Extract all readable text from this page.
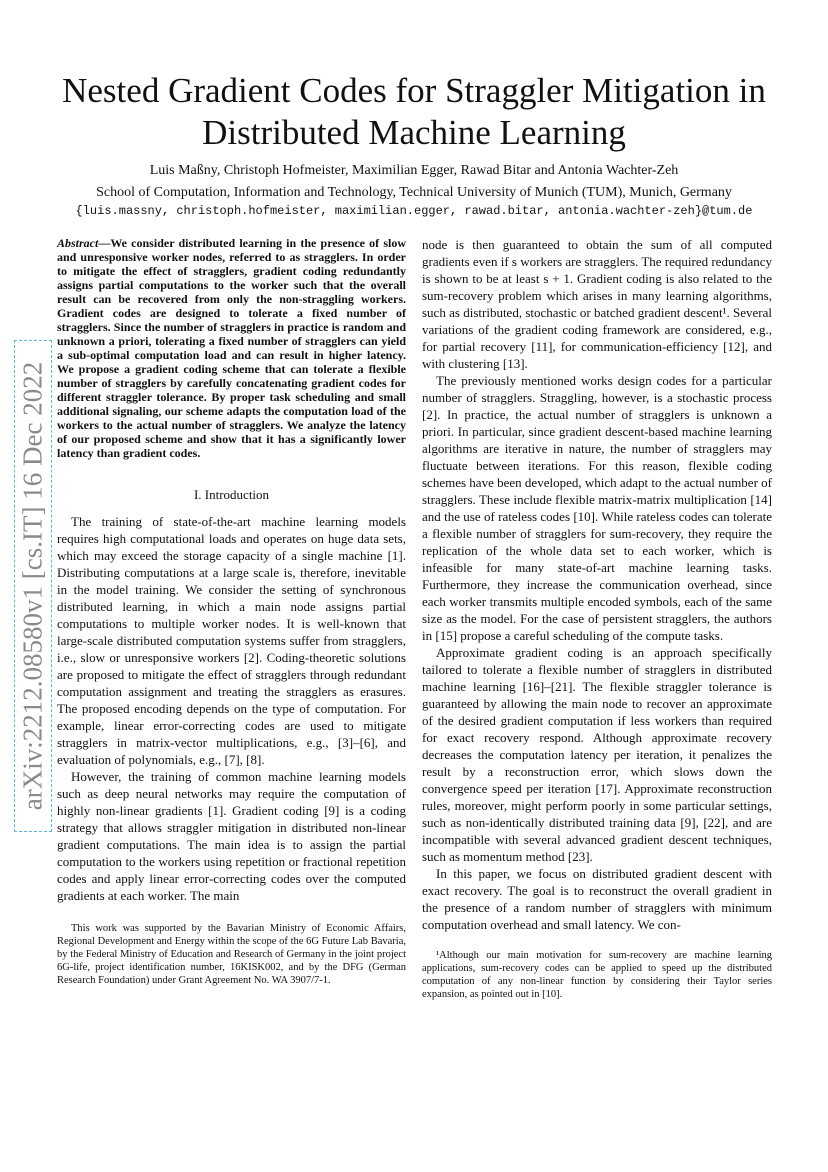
Nested Gradient Codes for Straggler Mitigation in Distributed Machine Learning
Luis Maßny, Christoph Hofmeister, Maximilian Egger, Rawad Bitar and Antonia Wachter-Zeh
School of Computation, Information and Technology, Technical University of Munich (TUM), Munich, Germany
{luis.massny, christoph.hofmeister, maximilian.egger, rawad.bitar, antonia.wachter-zeh}@tum.de
arXiv:2212.08580v1 [cs.IT] 16 Dec 2022
Abstract—We consider distributed learning in the presence of slow and unresponsive worker nodes, referred to as stragglers. In order to mitigate the effect of stragglers, gradient coding redundantly assigns partial computations to the worker such that the overall result can be recovered from only the non-straggling workers. Gradient codes are designed to tolerate a fixed number of stragglers. Since the number of stragglers in practice is random and unknown a priori, tolerating a fixed number of stragglers can yield a sub-optimal computation load and can result in higher latency. We propose a gradient coding scheme that can tolerate a flexible number of stragglers by carefully concatenating gradient codes for different straggler tolerance. By proper task scheduling and small additional signaling, our scheme adapts the computation load of the workers to the actual number of stragglers. We analyze the latency of our proposed scheme and show that it has a significantly lower latency than gradient codes.
I. Introduction

The training of state-of-the-art machine learning models requires high computational loads and operates on huge data sets, which may exceed the storage capacity of a single machine [1]. Distributing computations at a large scale is, therefore, inevitable in the model training. We consider the setting of synchronous distributed learning, in which a main node assigns partial computations to multiple worker nodes. It is well-known that large-scale distributed computation systems suffer from stragglers, i.e., slow or unresponsive workers [2]. Coding-theoretic solutions are proposed to mitigate the effect of stragglers through redundant computation assignment and treating the stragglers as erasures. The proposed encoding depends on the type of computation. For example, linear error-correcting codes are used to mitigate stragglers in matrix-vector multiplications, e.g., [3]–[6], and evaluation of polynomials, e.g., [7], [8].

However, the training of common machine learning models such as deep neural networks may require the computation of highly non-linear gradients [1]. Gradient coding [9] is a coding strategy that allows straggler mitigation in distributed non-linear gradient computations. The main idea is to assign the partial computation to the workers using repetition or fractional repetition codes and apply linear error-correcting codes over the computed gradients at each worker. The main

node is then guaranteed to obtain the sum of all computed gradients even if s workers are stragglers. The required redundancy is shown to be at least s + 1. Gradient coding is also related to the sum-recovery problem which arises in many learning algorithms, such as distributed, stochastic or batched gradient descent¹. Several variations of the gradient coding framework are considered, e.g., for partial recovery [11], for communication-efficiency [12], and with clustering [13].

The previously mentioned works design codes for a particular number of stragglers. Straggling, however, is a stochastic process [2]. In practice, the actual number of stragglers is unknown a priori. In particular, since gradient descent-based machine learning algorithms are iterative in nature, the number of stragglers may fluctuate between iterations. For this reason, flexible coding schemes have been developed, which adapt to the actual number of stragglers. These include flexible matrix-matrix multiplication [14] and the use of rateless codes [10]. While rateless codes can tolerate a flexible number of stragglers for sum-recovery, they require the replication of the whole data set to each worker, which is infeasible for many state-of-art machine learning tasks. Furthermore, they increase the communication overhead, since each worker transmits multiple encoded symbols, each of the same size as the model. For the case of persistent stragglers, the authors in [15] propose a careful scheduling of the compute tasks.

Approximate gradient coding is an approach specifically tailored to tolerate a flexible number of stragglers in distributed machine learning [16]–[21]. The flexible straggler tolerance is guaranteed by allowing the main node to recover an approximate of the desired gradient computation if less workers than required for exact recovery respond. Although approximate recovery decreases the computation latency per iteration, it penalizes the result by a reconstruction error, which slows down the convergence speed per iteration [17]. Approximate reconstruction rules, moreover, might perform poorly in some particular settings, such as non-identically distributed training data [9], [22], and are incompatible with several advanced gradient descent techniques, such as momentum method [23].

In this paper, we focus on distributed gradient descent with exact recovery. The goal is to reconstruct the overall gradient in the presence of a random number of stragglers with minimum computation overhead and small latency. We con-

This work was supported by the Bavarian Ministry of Economic Affairs, Regional Development and Energy within the scope of the 6G Future Lab Bavaria, by the Federal Ministry of Education and Research of Germany in the joint project 6G-life, project identification number, 16KISK002, and by the DFG (German Research Foundation) under Grant Agreement No. WA 3907/7-1.
¹Although our main motivation for sum-recovery are machine learning applications, sum-recovery codes can be applied to speed up the distributed computation of any non-linear function by considering their Taylor series expansion, as pointed out in [10].
